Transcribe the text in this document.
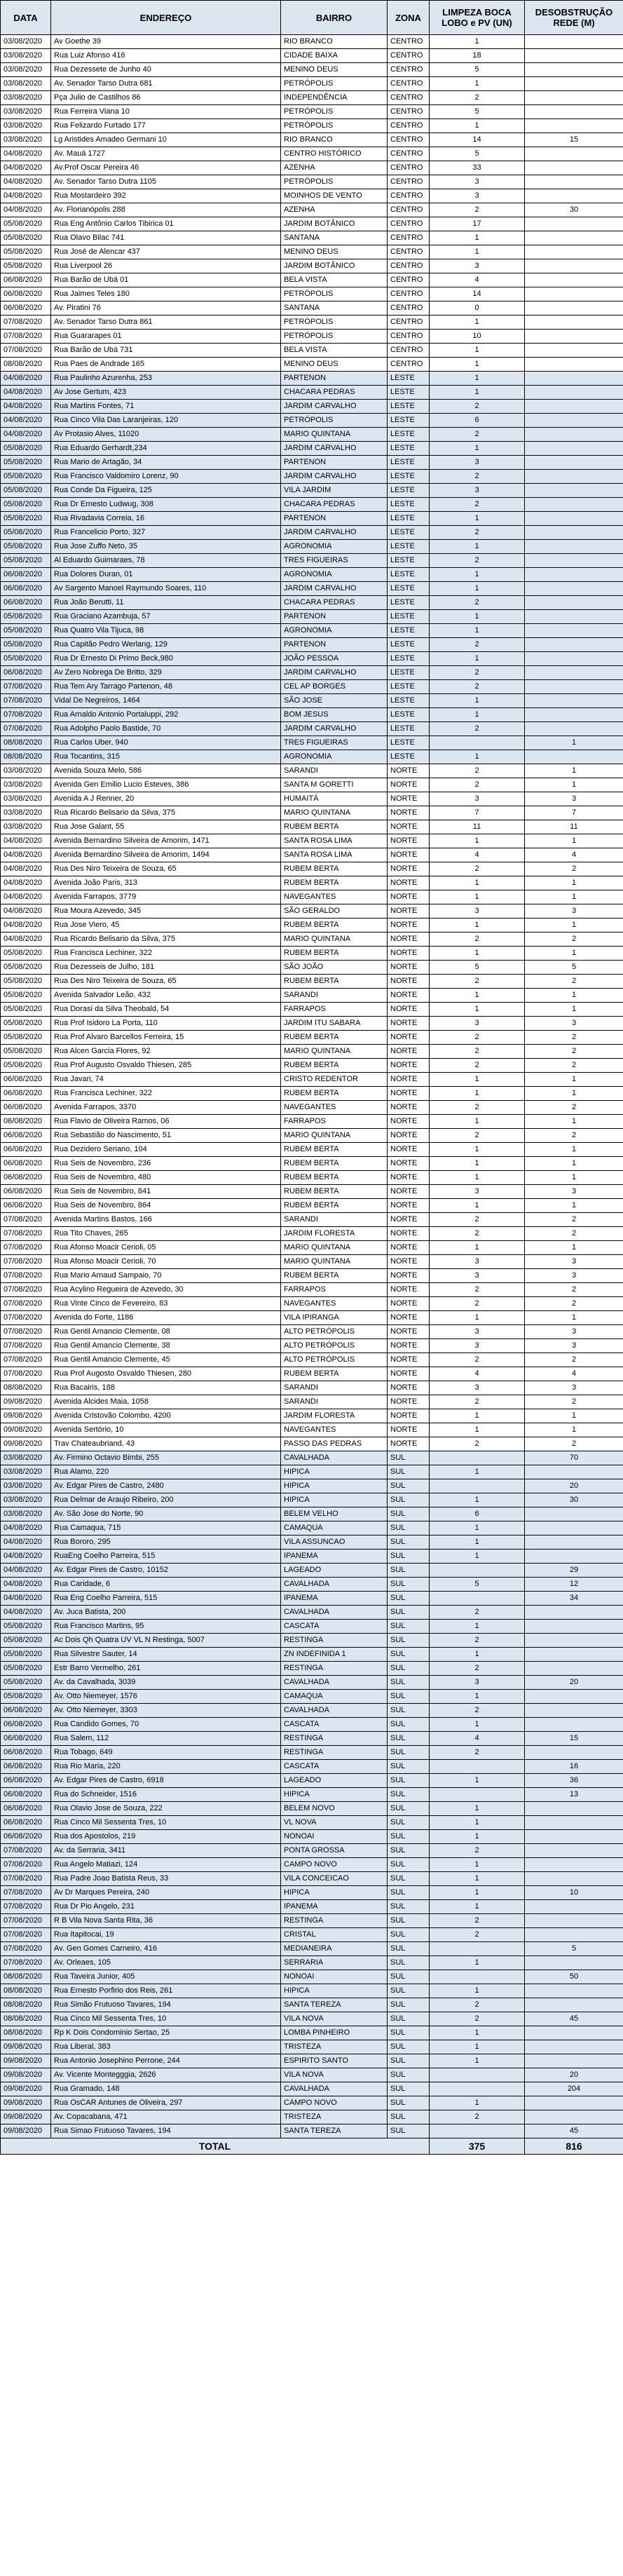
DATA	ENDEREÇO	BAIRRO	ZONA	LIMPEZA BOCA LOBO e PV (UN)	DESOBSTRUÇÃO REDE (M)
03/08/2020	Av Goethe 39	RIO BRANCO	CENTRO	1	
03/08/2020	Rua Luiz Afonso 416	CIDADE BAIXA	CENTRO	18	
03/08/2020	Rua Dezessete de Junho 40	MENINO DEUS	CENTRO	5	
03/08/2020	Av. Senador Tarso Dutra 681	PETRÓPOLIS	CENTRO	1	
03/08/2020	Pça Julio de Castilhos 86	INDEPENDÊNCIA	CENTRO	2	
03/08/2020	Rua Ferreira Viana 10	PETRÓPOLIS	CENTRO	5	
03/08/2020	Rua Felizardo Furtado 177	PETRÓPOLIS	CENTRO	1	
03/08/2020	Lg Aristides Amadeo Germani 10	RIO BRANCO	CENTRO	14	15
04/08/2020	Av. Mauá 1727	CENTRO HISTÓRICO	CENTRO	5	
04/08/2020	Av.Prof Oscar Pereira 46	AZENHA	CENTRO	33	
04/08/2020	Av. Senador Tarso Dutra 1105	PETRÓPOLIS	CENTRO	3	
04/08/2020	Rua Mostardeiro 392	MOINHOS DE VENTO	CENTRO	3	
04/08/2020	Av. Florianópolis 288	AZENHA	CENTRO	2	30
05/08/2020	Rua Eng Antônio Carlos Tibirica 01	JARDIM BOTÂNICO	CENTRO	17	
05/08/2020	Rua Olavo Bilac 741	SANTANA	CENTRO	1	
05/08/2020	Rua José de Alencar 437	MENINO DEUS	CENTRO	1	
05/08/2020	Rua Liverpool 26	JARDIM BOTÂNICO	CENTRO	3	
06/08/2020	Rua Barão de Ubá 01	BELA VISTA	CENTRO	4	
06/08/2020	Rua Jaimes Teles 180	PETRÓPOLIS	CENTRO	14	
06/08/2020	Av. Piratini 76	SANTANA	CENTRO	0	
07/08/2020	Av. Senador Tarso Dutra 861	PETRÓPOLIS	CENTRO	1	
07/08/2020	Rua Guararapes 01	PETRÓPOLIS	CENTRO	10	
07/08/2020	Rua Barão de Ubá 731	BELA VISTA	CENTRO	1	
08/08/2020	Rua Paes de Andrade 165	MENINO DEUS	CENTRO	1	
04/08/2020	Rua Paulinho Azurenha, 253	PARTENON	LESTE	1	
04/08/2020	Av Jose Gertum, 423	CHACARA PEDRAS	LESTE	1	
04/08/2020	Rua Martins Fontes, 71	JARDIM CARVALHO	LESTE	2	
04/08/2020	Rua Cinco Vila Das Laranjeiras, 120	PETRÓPOLIS	LESTE	6	
04/08/2020	Av Protasio Alves, 11020	MARIO QUINTANA	LESTE	2	
05/08/2020	Rua Eduardo Gerhardt,234	JARDIM CARVALHO	LESTE	1	
05/08/2020	Rua Mario de Artagão, 34	PARTENON	LESTE	3	
05/08/2020	Rua Francisco Valdomiro Lorenz, 90	JARDIM CARVALHO	LESTE	2	
05/08/2020	Rua Conde Da Figueira, 125	VILA JARDIM	LESTE	3	
05/08/2020	Rua Dr Ernesto Ludwug, 308	CHACARA PEDRAS	LESTE	2	
05/08/2020	Rua Rivadavia Correia, 16	PARTENON	LESTE	1	
05/08/2020	Rua Francelicio Porto, 327	JARDIM CARVALHO	LESTE	2	
05/08/2020	Rua Jose Zuffo Neto, 35	AGRONOMIA	LESTE	1	
05/08/2020	Al Eduardo Guimaraes, 78	TRES FIGUEIRAS	LESTE	2	
06/08/2020	Rua Dolores Duran, 01	AGRONOMIA	LESTE	1	
06/08/2020	Av Sargento Manoel Raymundo Soares, 110	JARDIM CARVALHO	LESTE	1	
06/08/2020	Rua João Berutti, 11	CHACARA PEDRAS	LESTE	2	
05/08/2020	Rua Graciano Azambuja, 57	PARTENON	LESTE	1	
05/08/2020	Rua Quatro Vila Tijuca, 98	AGRONOMIA	LESTE	1	
05/08/2020	Rua Capitão Pedro Werlang, 129	PARTENON	LESTE	2	
05/08/2020	Rua Dr Ernesto Di Primo Beck,980	JOÃO PESSOA	LESTE	1	
06/08/2020	Av Zero Nobrega De Britto, 329	JARDIM CARVALHO	LESTE	2	
07/08/2020	Rua Tem Ary Tarrago Partenon, 48	CEL AP BORGES	LESTE	2	
07/08/2020	Vidal De Negreiros, 1464	SÃO JOSE	LESTE	1	
07/08/2020	Rua Arnaldo Antonio Portaluppi, 292	BOM JESUS	LESTE	1	
07/08/2020	Rua Adolpho Paolo Bastide, 70	JARDIM CARVALHO	LESTE	2	
08/08/2020	Rua Carlos Uber, 940	TRES FIGUEIRAS	LESTE		1
08/08/2020	Rua Tocantins, 315	AGRONOMIA	LESTE	1	
03/08/2020	Avenida Souza Melo, 586	SARANDI	NORTE	2	1
03/08/2020	Avenida Gen Emilio Lucio Esteves, 386	SANTA M GORETTI	NORTE	2	1
03/08/2020	Avenida A J Renner, 20	HUMAITÁ	NORTE	3	3
03/08/2020	Rua Ricardo Belisario da Silva, 375	MARIO QUINTANA	NORTE	7	7
03/08/2020	Rua Jose Galant, 55	RUBEM BERTA	NORTE	11	11
04/08/2020	Avenida Bernardino Silveira de Amorim, 1471	SANTA ROSA LIMA	NORTE	1	1
04/08/2020	Avenida Bernardino Silveira de Amorim, 1494	SANTA ROSA LIMA	NORTE	4	4
04/08/2020	Rua Des Niro Teixeira de Souza, 65	RUBEM BERTA	NORTE	2	2
04/08/2020	Avenida João Paris, 313	RUBEM BERTA	NORTE	1	1
04/08/2020	Avenida Farrapos, 3779	NAVEGANTES	NORTE	1	1
04/08/2020	Rua Moura Azevedo, 345	SÃO GERALDO	NORTE	3	3
04/08/2020	Rua Jose Viero, 45	RUBEM BERTA	NORTE	1	1
04/08/2020	Rua Ricardo Belisario da Silva, 375	MARIO QUINTANA	NORTE	2	2
05/08/2020	Rua Francisca Lechiner, 322	RUBEM BERTA	NORTE	1	1
05/08/2020	Rua Dezesseis de Julho, 181	SÃO JOÃO	NORTE	5	5
05/08/2020	Rua Des Niro Teixeira de Souza, 65	RUBEM BERTA	NORTE	2	2
05/08/2020	Avenida Salvador Leão, 432	SARANDI	NORTE	1	1
05/08/2020	Rua Dorasi da Silva Theobald, 54	FARRAPOS	NORTE	1	1
05/08/2020	Rua Prof Isidoro La Porta, 110	JARDIM ITU SABARA	NORTE	3	3
05/08/2020	Rua Prof Alvaro Barcellos Ferreira, 15	RUBEM BERTA	NORTE	2	2
05/08/2020	Rua Alcen Garcia Flores, 92	MARIO QUINTANA	NORTE	2	2
05/08/2020	Rua Prof Augusto Osvaldo Thiesen, 285	RUBEM BERTA	NORTE	2	2
06/08/2020	Rua Javari, 74	CRISTO REDENTOR	NORTE	1	1
06/08/2020	Rua Francisca Lechiner, 322	RUBEM BERTA	NORTE	1	1
06/08/2020	Avenida Farrapos, 3370	NAVEGANTES	NORTE	2	2
06/08/2020	Rua Flavio de Oliveira Ramos, 06	FARRAPOS	NORTE	1	1
06/08/2020	Rua Sebastião do Nascimento, 51	MARIO QUINTANA	NORTE	2	2
06/08/2020	Rua Dezidero Seriano, 104	RUBEM BERTA	NORTE	1	1
06/08/2020	Rua Seis de Novembro, 236	RUBEM BERTA	NORTE	1	1
06/08/2020	Rua Seis de Novembro, 480	RUBEM BERTA	NORTE	1	1
06/08/2020	Rua Seis de Novembro, 841	RUBEM BERTA	NORTE	3	3
06/08/2020	Rua Seis de Novembro, 864	RUBEM BERTA	NORTE	1	1
07/08/2020	Avenida Martins Bastos, 166	SARANDI	NORTE	2	2
07/08/2020	Rua Tito Chaves, 265	JARDIM FLORESTA	NORTE	2	2
07/08/2020	Rua Afonso Moacir Cerioli, 05	MARIO QUINTANA	NORTE	1	1
07/08/2020	Rua Afonso Moacir Cerioli, 70	MARIO QUINTANA	NORTE	3	3
07/08/2020	Rua Mario Arnaud Sampaio, 70	RUBEM BERTA	NORTE	3	3
07/08/2020	Rua Acylino Regueira de Azevedo, 30	FARRAPOS	NORTE	2	2
07/08/2020	Rua Vinte Cinco de Fevereiro, 83	NAVEGANTES	NORTE	2	2
07/08/2020	Avenida do Forte, 1186	VILA IPIRANGA	NORTE	1	1
07/08/2020	Rua Gentil Amancio Clemente, 08	ALTO PETRÓPOLIS	NORTE	3	3
07/08/2020	Rua Gentil Amancio Clemente, 38	ALTO PETRÓPOLIS	NORTE	3	3
07/08/2020	Rua Gentil Amancio Clemente, 45	ALTO PETRÓPOLIS	NORTE	2	2
07/08/2020	Rua Prof Augosto Osvaldo Thiesen, 280	RUBEM BERTA	NORTE	4	4
08/08/2020	Rua Bacairis, 188	SARANDI	NORTE	3	3
09/08/2020	Avenida Alcides Maia, 1058	SARANDI	NORTE	2	2
09/08/2020	Avenida Cristovão Colombo, 4200	JARDIM FLORESTA	NORTE	1	1
09/08/2020	Avenida Sertório, 10	NAVEGANTES	NORTE	1	1
09/08/2020	Trav Chateaubriand, 43	PASSO DAS PEDRAS	NORTE	2	2
03/08/2020	Av. Firmino Octavio Bimbi, 255	CAVALHADA	SUL		70
03/08/2020	Rua Alamo, 220	HIPICA	SUL	1	
03/08/2020	Av. Edgar Pires de Castro, 2480	HIPICA	SUL		20
03/08/2020	Rua Delmar de Araujo Ribeiro, 200	HIPICA	SUL	1	30
03/08/2020	Av. São Jose do Norte, 90	BELEM VELHO	SUL	6	
04/08/2020	Rua Camaqua, 715	CAMAQUA	SUL	1	
04/08/2020	Rua Bororo, 295	VILA ASSUNCAO	SUL	1	
04/08/2020	RuaEng Coelho Parreira, 515	IPANEMA	SUL	1	
04/08/2020	Av. Edgar Pires de Castro, 10152	LAGEADO	SUL		29
04/08/2020	Rua Caridade, 6	CAVALHADA	SUL	5	12
04/08/2020	Rua Eng Coelho Parreira, 515	IPANEMA	SUL		34
04/08/2020	Av. Juca Batista, 200	CAVALHADA	SUL	2	
05/08/2020	Rua Francisco Martins, 95	CASCATA	SUL	1	
05/08/2020	Ac Dois Qh Quatra UV VL N Restinga, 5007	RESTINGA	SUL	2	
05/08/2020	Rua Silvestre Sauter, 14	ZN INDEFINIDA 1	SUL	1	
05/08/2020	Estr Barro Vermelho, 261	RESTINGA	SUL	2	
05/08/2020	Av. da Cavalhada, 3039	CAVALHADA	SUL	3	20
05/08/2020	Av. Otto Niemeyer, 1576	CAMAQUA	SUL	1	
06/08/2020	Av. Otto Niemeyer, 3303	CAVALHADA	SUL	2	
06/08/2020	Rua Candido Gomes, 70	CASCATA	SUL	1	
06/08/2020	Rua Salem, 112	RESTINGA	SUL	4	15
06/08/2020	Rua Tobago, 649	RESTINGA	SUL	2	
06/08/2020	Rua Rio Maria, 220	CASCATA	SUL		16
06/08/2020	Av. Edgar Pires de Castro, 6918	LAGEADO	SUL	1	36
06/08/2020	Rua do Schneider, 1516	HIPICA	SUL		13
06/08/2020	Rua Olavio Jose de Souza, 222	BELEM NOVO	SUL	1	
06/08/2020	Rua Cinco Mil Sessenta Tres, 10	VL NOVA	SUL	1	
06/08/2020	Rua dos Apostolos, 219	NONOAI	SUL	1	
07/08/2020	Av. da Serraria, 3411	PONTA GROSSA	SUL	2	
07/08/2020	Rua Angelo Matiazi, 124	CAMPO NOVO	SUL	1	
07/08/2020	Rua Padre Joao Batista Reus, 33	VILA CONCEICAO	SUL	1	
07/08/2020	Av Dr Marques Pereira, 240	HIPICA	SUL	1	10
07/08/2020	Rua Dr Pio Angelo, 231	IPANEMA	SUL	1	
07/08/2020	R B Vila Nova Santa Rita, 36	RESTINGA	SUL	2	
07/08/2020	Rua Itapitocai, 19	CRISTAL	SUL	2	
07/08/2020	Av. Gen Gomes Carneiro, 416	MEDIANEIRA	SUL		5
07/08/2020	Av. Orleaes, 105	SERRARIA	SUL	1	
08/08/2020	Rua Taveira Junior, 405	NONOAI	SUL		50
08/08/2020	Rua Ernesto Porfirio dos Reis, 261	HIPICA	SUL	1	
08/08/2020	Rua Simão Frutuoso Tavares, 194	SANTA TEREZA	SUL	2	
08/08/2020	Rua Cinco Mil Sessenta Tres, 10	VILA NOVA	SUL	2	45
08/08/2020	Rp K Dois Condominio Sertao, 25	LOMBA PINHEIRO	SUL	1	
09/08/2020	Rua Liberal, 383	TRISTEZA	SUL	1	
09/08/2020	Rua Antonio Josephino Perrone, 244	ESPIRITO SANTO	SUL	1	
09/08/2020	Av. Vicente Montegggia, 2626	VILA NOVA	SUL		20
09/08/2020	Rua Gramado, 148	CAVALHADA	SUL		204
09/08/2020	Rua OsCAR Antunes de Oliveira, 297	CAMPO NOVO	SUL	1	
09/08/2020	Av. Copacabana, 471	TRISTEZA	SUL	2	
09/08/2020	Rua Simao Frutuoso Tavares, 194	SANTA TEREZA	SUL		45
TOTAL				375	816
